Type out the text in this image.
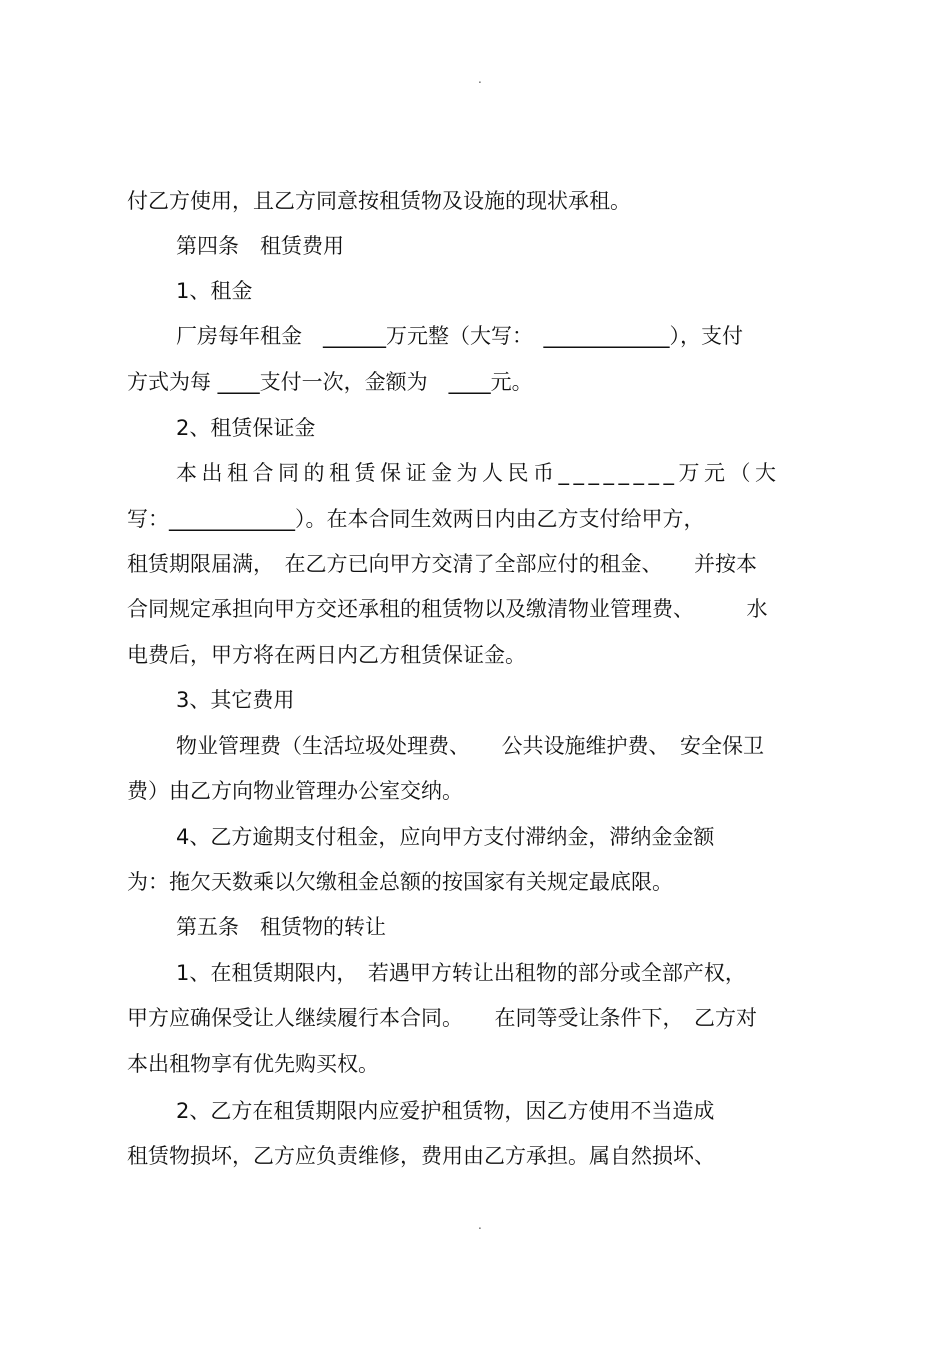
.
付乙方使用，且乙方同意按租赁物及设施的现状承租。
第四条　租赁费用
1、租金
厂房每年租金　______万元整（大写：　____________），支付
方式为每 ____支付一次，金额为　____元。
2、租赁保证金
本出租合同的租赁保证金为人民币________万元（大
写：____________）。在本合同生效两日内由乙方支付给甲方，
租赁期限届满，　在乙方已向甲方交清了全部应付的租金、　　并按本
合同规定承担向甲方交还承租的租赁物以及缴清物业管理费、　　　水
电费后，甲方将在两日内乙方租赁保证金。
3、其它费用
物业管理费（生活垃圾处理费、　　公共设施维护费、　安全保卫
费）由乙方向物业管理办公室交纳。
4、乙方逾期支付租金，应向甲方支付滞纳金，滞纳金金额
为：拖欠天数乘以欠缴租金总额的按国家有关规定最底限。
第五条　租赁物的转让
1、在租赁期限内，　若遇甲方转让出租物的部分或全部产权，
甲方应确保受让人继续履行本合同。　　在同等受让条件下，　乙方对
本出租物享有优先购买权。
2、乙方在租赁期限内应爱护租赁物，因乙方使用不当造成
租赁物损坏，乙方应负责维修，费用由乙方承担。属自然损坏、
.
